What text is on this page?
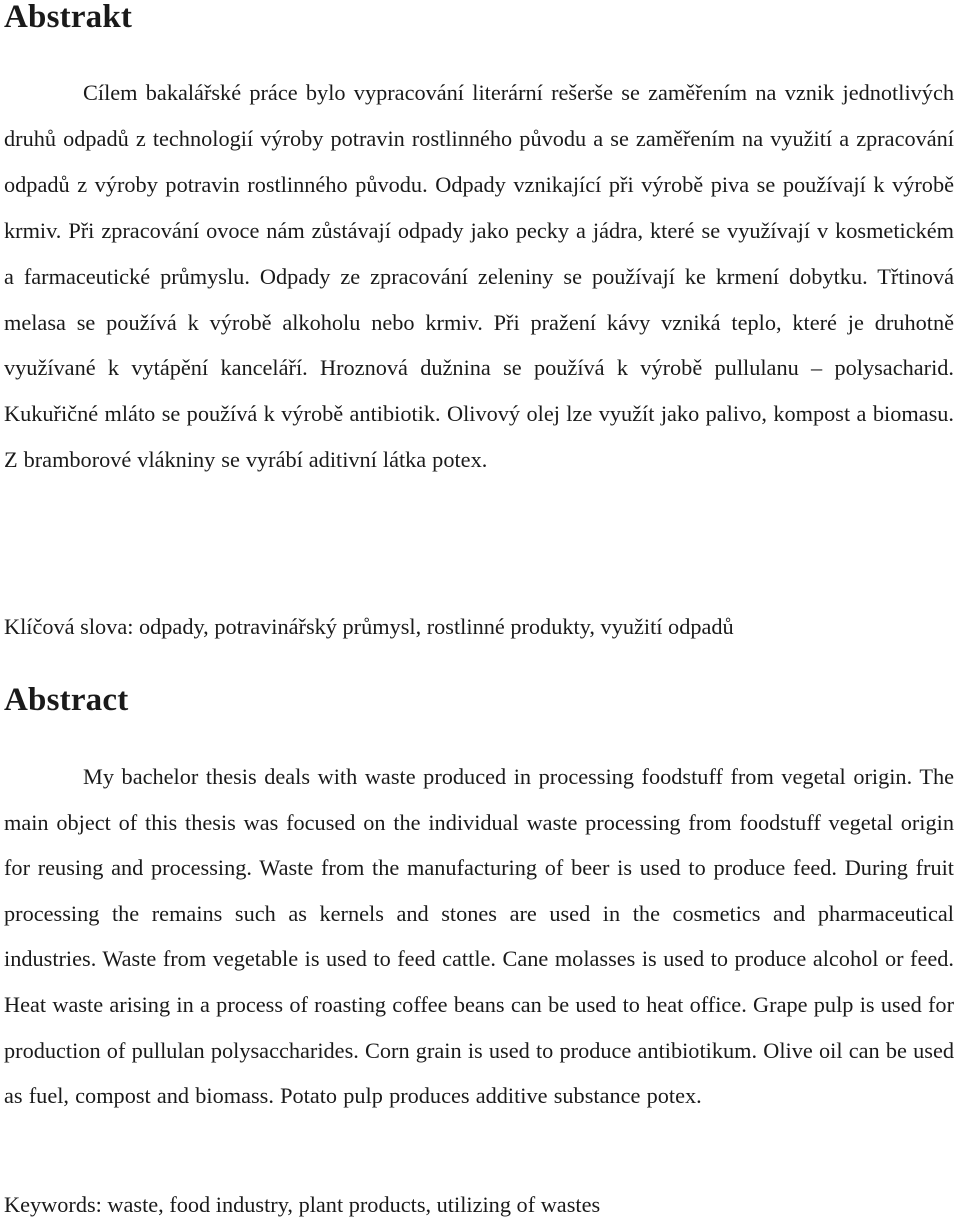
Abstrakt

Cílem bakalářské práce bylo vypracování literární rešerše se zaměřením na vznik jednotlivých druhů odpadů z technologií výroby potravin rostlinného původu a se zaměřením na využití a zpracování odpadů z výroby potravin rostlinného původu. Odpady vznikající při výrobě piva se používají k výrobě krmiv. Při zpracování ovoce nám zůstávají odpady jako pecky a jádra, které se využívají v kosmetickém a farmaceutické průmyslu. Odpady ze zpracování zeleniny se používají ke krmení dobytku. Třtinová melasa se používá k výrobě alkoholu nebo krmiv. Při pražení kávy vzniká teplo, které je druhotně využívané k vytápění kanceláří. Hroznová dužnina se používá k výrobě pullulanu – polysacharid. Kukuřičné mláto se používá k výrobě antibiotik. Olivový olej lze využít jako palivo, kompost a biomasu. Z bramborové vlákniny se vyrábí aditivní látka potex.

Klíčová slova: odpady, potravinářský průmysl, rostlinné produkty, využití odpadů

Abstract

My bachelor thesis deals with waste produced in processing foodstuff from vegetal origin. The main object of this thesis was focused on the individual waste processing from foodstuff vegetal origin for reusing and processing. Waste from the manufacturing of beer is used to produce feed. During fruit processing the remains such as kernels and stones are used in the cosmetics and pharmaceutical industries. Waste from vegetable is used to feed cattle. Cane molasses is used to produce alcohol or feed. Heat waste arising in a process of roasting coffee beans can be used to heat office. Grape pulp is used for production of pullulan polysaccharides. Corn grain is used to produce antibiotikum. Olive oil can be used as fuel, compost and biomass. Potato pulp produces additive substance potex.

Keywords: waste, food industry, plant products, utilizing of wastes
